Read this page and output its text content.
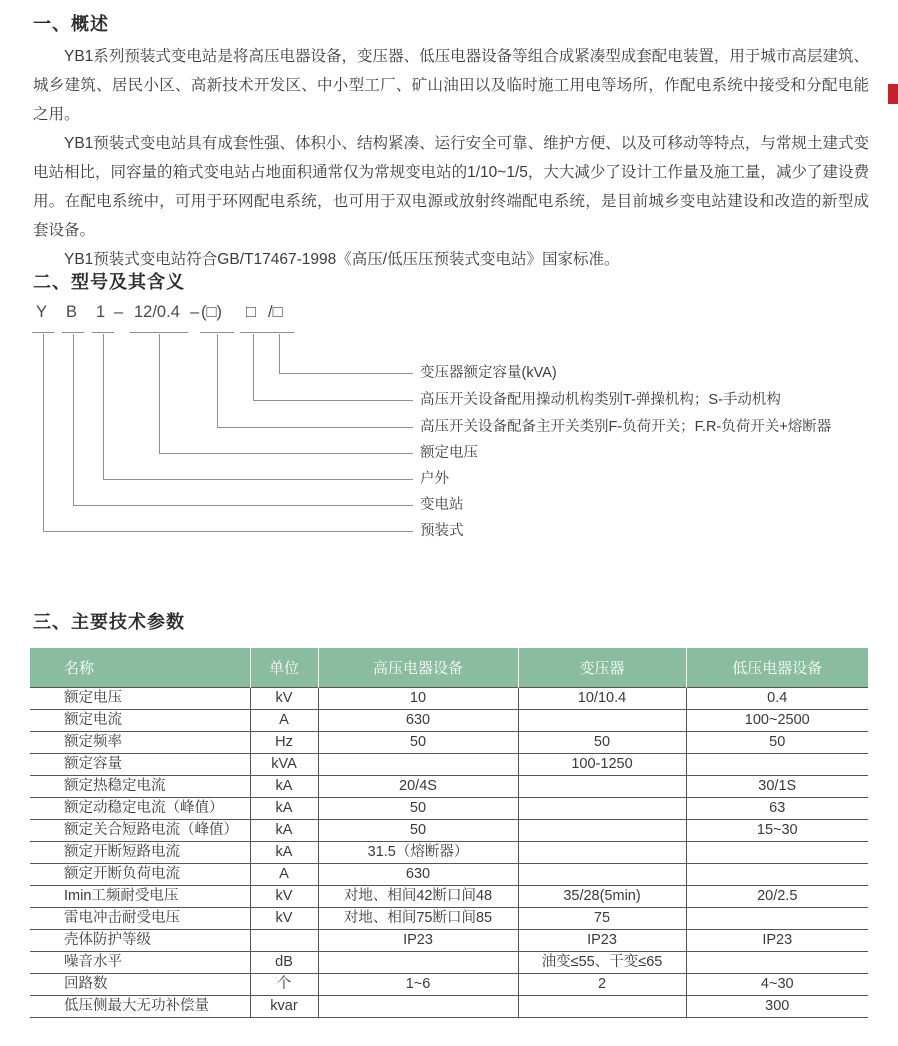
一、概述

YB1系列预装式变电站是将高压电器设备，变压器、低压电器设备等组合成紧凑型成套配电装置，用于城市高层建筑、城乡建筑、居民小区、高新技术开发区、中小型工厂、矿山油田以及临时施工用电等场所，作配电系统中接受和分配电能之用。

YB1预装式变电站具有成套性强、体积小、结构紧凑、运行安全可靠、维护方便、以及可移动等特点，与常规土建式变电站相比，同容量的箱式变电站占地面积通常仅为常规变电站的1/10~1/5，大大减少了设计工作量及施工量，减少了建设费用。在配电系统中，可用于环网配电系统，也可用于双电源或放射终端配电系统，是目前城乡变电站建设和改造的新型成套设备。

YB1预装式变电站符合GB/T17467-1998《高压/低压压预装式变电站》国家标准。

二、型号及其含义
Y B 1 – 12/0.4 – (□) □ /□
变压器额定容量(kVA)
高压开关设备配用操动机构类别T-弹操机构；S-手动机构
高压开关设备配备主开关类别F-负荷开关；F.R-负荷开关+熔断器
额定电压
户外
变电站
预装式
三、主要技术参数
名称	单位	高压电器设备	变压器	低压电器设备
额定电压	kV	10	10/10.4	0.4
额定电流	A	630		100~2500
额定频率	Hz	50	50	50
额定容量	kVA		100-1250	
额定热稳定电流	kA	20/4S		30/1S
额定动稳定电流（峰值）	kA	50		63
额定关合短路电流（峰值）	kA	50		15~30
额定开断短路电流	kA	31.5（熔断器）		
额定开断负荷电流	A	630		
Imin工频耐受电压	kV	对地、相间42断口间48	35/28(5min)	20/2.5
雷电冲击耐受电压	kV	对地、相间75断口间85	75	
壳体防护等级		IP23	IP23	IP23
噪音水平	dB		油变≤55、干变≤65	
回路数	个	1~6	2	4~30
低压侧最大无功补偿量	kvar			300
